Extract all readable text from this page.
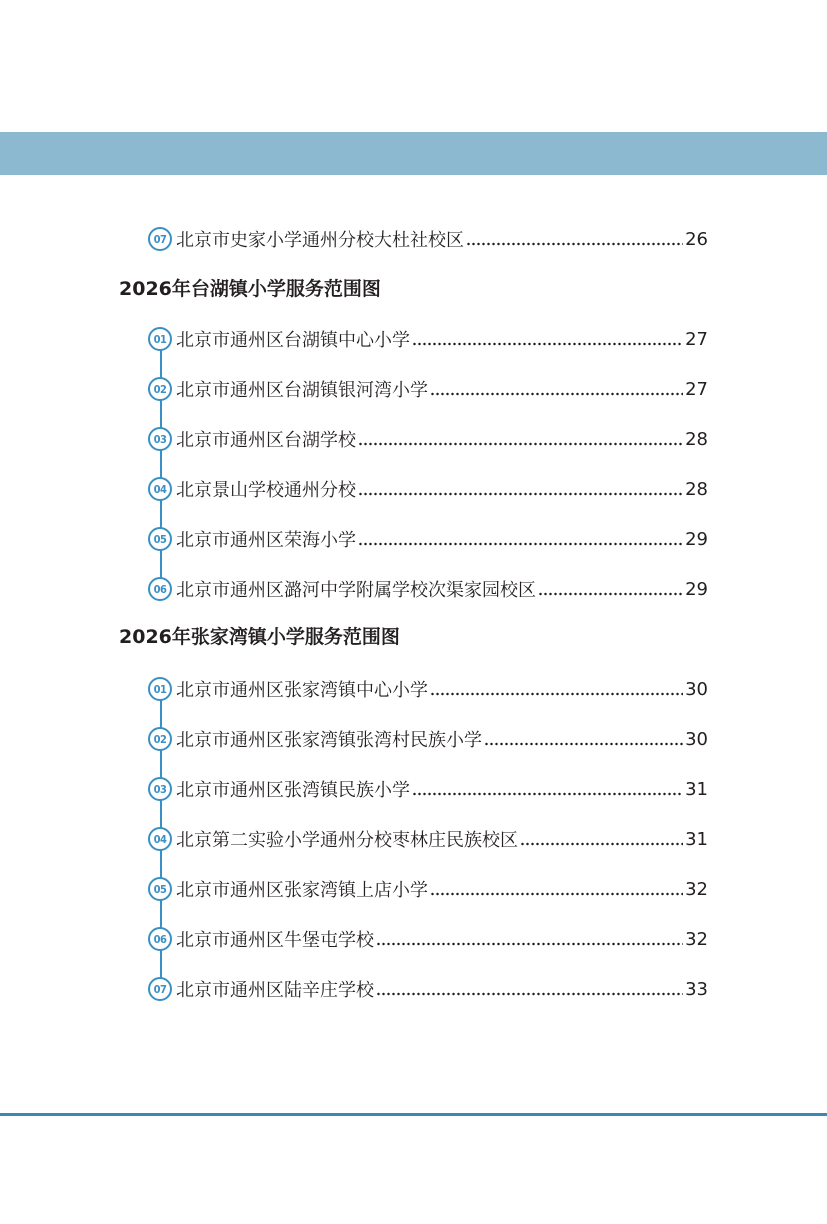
07 北京市史家小学通州分校大杜社校区	26
2026年台湖镇小学服务范围图
01 北京市通州区台湖镇中心小学	27
02 北京市通州区台湖镇银河湾小学	27
03 北京市通州区台湖学校	28
04 北京景山学校通州分校	28
05 北京市通州区荣海小学	29
06 北京市通州区潞河中学附属学校次渠家园校区	29
2026年张家湾镇小学服务范围图
01 北京市通州区张家湾镇中心小学	30
02 北京市通州区张家湾镇张湾村民族小学	30
03 北京市通州区张湾镇民族小学	31
04 北京第二实验小学通州分校枣林庄民族校区	31
05 北京市通州区张家湾镇上店小学	32
06 北京市通州区牛堡屯学校	32
07 北京市通州区陆辛庄学校	33
